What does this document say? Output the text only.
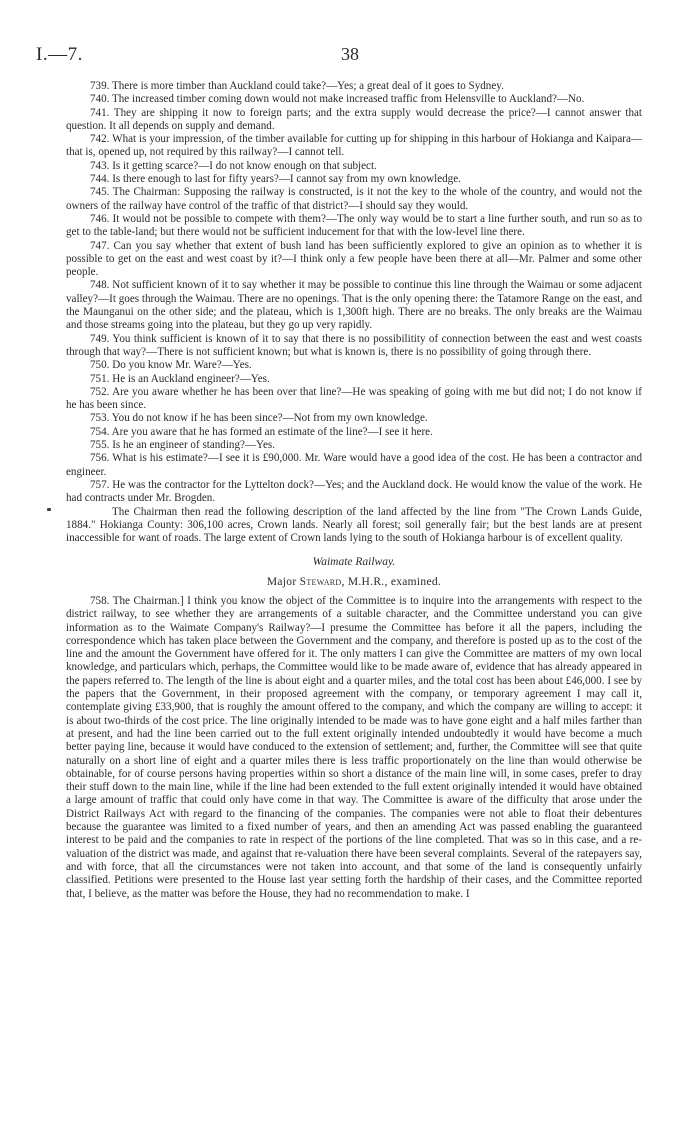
I.—7.	38

739. There is more timber than Auckland could take?—Yes; a great deal of it goes to Sydney.

740. The increased timber coming down would not make increased traffic from Helensville to Auckland?—No.

741. They are shipping it now to foreign parts; and the extra supply would decrease the price?—I cannot answer that question. It all depends on supply and demand.

742. What is your impression, of the timber available for cutting up for shipping in this harbour of Hokianga and Kaipara—that is, opened up, not required by this railway?—I cannot tell.

743. Is it getting scarce?—I do not know enough on that subject.

744. Is there enough to last for fifty years?—I cannot say from my own knowledge.

745. The Chairman: Supposing the railway is constructed, is it not the key to the whole of the country, and would not the owners of the railway have control of the traffic of that district?—I should say they would.

746. It would not be possible to compete with them?—The only way would be to start a line further south, and run so as to get to the table-land; but there would not be sufficient inducement for that with the low-level line there.

747. Can you say whether that extent of bush land has been sufficiently explored to give an opinion as to whether it is possible to get on the east and west coast by it?—I think only a few people have been there at all—Mr. Palmer and some other people.

748. Not sufficient known of it to say whether it may be possible to continue this line through the Waimau or some adjacent valley?—It goes through the Waimau. There are no openings. That is the only opening there: the Tatamore Range on the east, and the Maunganui on the other side; and the plateau, which is 1,300ft high. There are no breaks. The only breaks are the Waimau and those streams going into the plateau, but they go up very rapidly.

749. You think sufficient is known of it to say that there is no possibilitity of connection between the east and west coasts through that way?—There is not sufficient known; but what is known is, there is no possibility of going through there.

750. Do you know Mr. Ware?—Yes.

751. He is an Auckland engineer?—Yes.

752. Are you aware whether he has been over that line?—He was speaking of going with me but did not; I do not know if he has been since.

753. You do not know if he has been since?—Not from my own knowledge.

754. Are you aware that he has formed an estimate of the line?—I see it here.

755. Is he an engineer of standing?—Yes.

756. What is his estimate?—I see it is £90,000. Mr. Ware would have a good idea of the cost. He has been a contractor and engineer.

757. He was the contractor for the Lyttelton dock?—Yes; and the Auckland dock. He would know the value of the work. He had contracts under Mr. Brogden.

The Chairman then read the following description of the land affected by the line from "The Crown Lands Guide, 1884." Hokianga County: 306,100 acres, Crown lands. Nearly all forest; soil generally fair; but the best lands are at present inaccessible for want of roads. The large extent of Crown lands lying to the south of Hokianga harbour is of excellent quality.

Waimate Railway.
Major Steward, M.H.R., examined.

758. The Chairman.] I think you know the object of the Committee is to inquire into the arrangements with respect to the district railway, to see whether they are arrangements of a suitable character, and the Committee understand you can give information as to the Waimate Company's Railway?—I presume the Committee has before it all the papers, including the correspondence which has taken place between the Government and the company, and therefore is posted up as to the cost of the line and the amount the Government have offered for it. The only matters I can give the Committee are matters of my own local knowledge, and particulars which, perhaps, the Committee would like to be made aware of, evidence that has already appeared in the papers referred to. The length of the line is about eight and a quarter miles, and the total cost has been about £46,000. I see by the papers that the Government, in their proposed agreement with the company, or temporary agreement I may call it, contemplate giving £33,900, that is roughly the amount offered to the company, and which the company are willing to accept: it is about two-thirds of the cost price. The line originally intended to be made was to have gone eight and a half miles farther than at present, and had the line been carried out to the full extent originally intended undoubtedly it would have become a much better paying line, because it would have conduced to the extension of settlement; and, further, the Committee will see that quite naturally on a short line of eight and a quarter miles there is less traffic proportionately on the line than would otherwise be obtainable, for of course persons having properties within so short a distance of the main line will, in some cases, prefer to dray their stuff down to the main line, while if the line had been extended to the full extent originally intended it would have obtained a large amount of traffic that could only have come in that way. The Committee is aware of the difficulty that arose under the District Railways Act with regard to the financing of the companies. The companies were not able to float their debentures because the guarantee was limited to a fixed number of years, and then an amending Act was passed enabling the guaranteed interest to be paid and the companies to rate in respect of the portions of the line completed. That was so in this case, and a re-valuation of the district was made, and against that re-valuation there have been several complaints. Several of the ratepayers say, and with force, that all the circumstances were not taken into account, and that some of the land is consequently unfairly classified. Petitions were presented to the House last year setting forth the hardship of their cases, and the Committee reported that, I believe, as the matter was before the House, they had no recommendation to make. I
